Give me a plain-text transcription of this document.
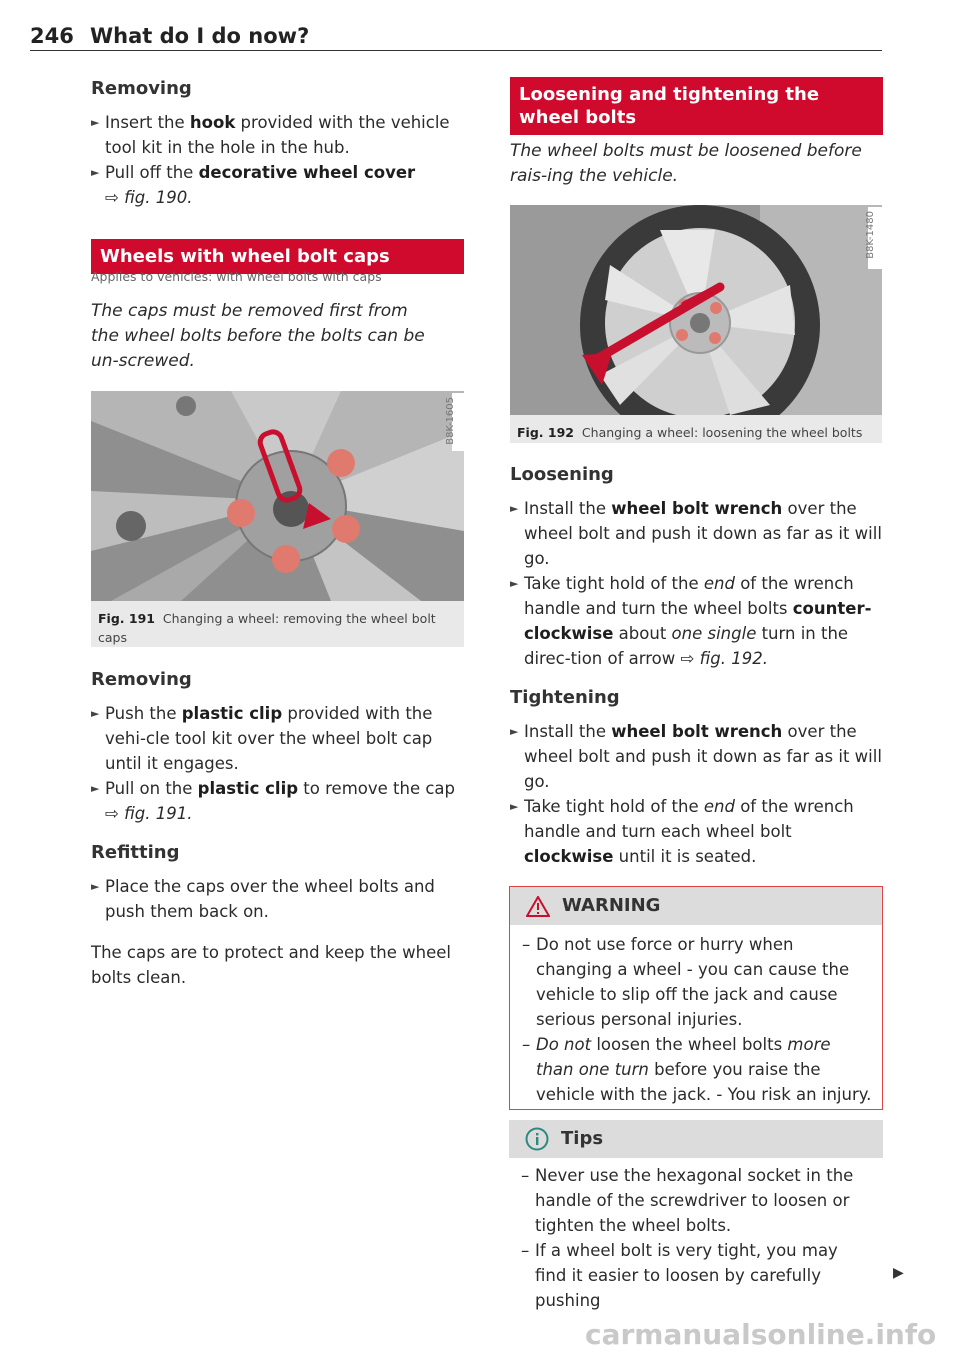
246 What do I do now?

Removing

► Insert the hook provided with the vehicle tool kit in the hole in the hub.
► Pull off the decorative wheel cover
⇨ fig. 190.
Wheels with wheel bolt caps
Applies to vehicles: with wheel bolts with caps
The caps must be removed first from the wheel bolts before the bolts can be un-screwed.
B8K-1605
Fig. 191 Changing a wheel: removing the wheel bolt caps

Removing

► Push the plastic clip provided with the vehi-cle tool kit over the wheel bolt cap until it engages.
► Pull on the plastic clip to remove the cap
⇨ fig. 191.

Refitting

► Place the caps over the wheel bolts and push them back on.

The caps are to protect and keep the wheel bolts clean.

Loosening and tightening the wheel bolts
The wheel bolts must be loosened before rais-ing the vehicle.
B8K-1480
Fig. 192 Changing a wheel: loosening the wheel bolts

Loosening

► Install the wheel bolt wrench over the wheel bolt and push it down as far as it will go.
► Take tight hold of the end of the wrench handle and turn the wheel bolts counter-clockwise about one single turn in the direc-tion of arrow ⇨ fig. 192.

Tightening

► Install the wheel bolt wrench over the wheel bolt and push it down as far as it will go.
► Take tight hold of the end of the wrench handle and turn each wheel bolt clockwise until it is seated.
WARNING
– Do not use force or hurry when changing a wheel - you can cause the vehicle to slip off the jack and cause serious personal injuries.
– Do not loosen the wheel bolts more than one turn before you raise the vehicle with the jack. - You risk an injury.
Tips
– Never use the hexagonal socket in the handle of the screwdriver to loosen or tighten the wheel bolts.
– If a wheel bolt is very tight, you may find it easier to loosen by carefully pushing
▶
carmanualsonline.info
